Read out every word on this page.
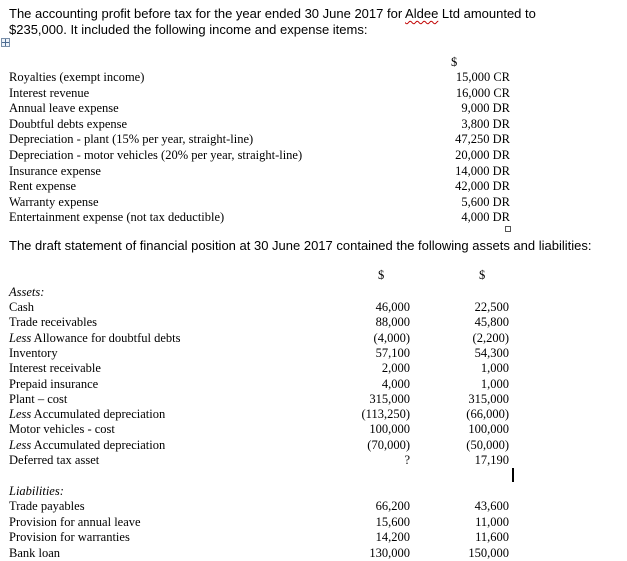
The accounting profit before tax for the year ended 30 June 2017 for Aldee Ltd amounted to
$235,000. It included the following income and expense items:
$
Royalties (exempt income)	15,000 CR
Interest revenue	16,000 CR
Annual leave expense	9,000 DR
Doubtful debts expense	3,800 DR
Depreciation - plant (15% per year, straight-line)	47,250 DR
Depreciation - motor vehicles (20% per year, straight-line)	20,000 DR
Insurance expense	14,000 DR
Rent expense	42,000 DR
Warranty expense	5,600 DR
Entertainment expense (not tax deductible)	4,000 DR
The draft statement of financial position at 30 June 2017 contained the following assets and liabilities:
$	$
Assets:
Cash	46,000	22,500
Trade receivables	88,000	45,800
Less Allowance for doubtful debts	(4,000)	(2,200)
Inventory	57,100	54,300
Interest receivable	2,000	1,000
Prepaid insurance	4,000	1,000
Plant – cost	315,000	315,000
Less Accumulated depreciation	(113,250)	(66,000)
Motor vehicles - cost	100,000	100,000
Less Accumulated depreciation	(70,000)	(50,000)
Deferred tax asset	?	17,190
Liabilities:
Trade payables	66,200	43,600
Provision for annual leave	15,600	11,000
Provision for warranties	14,200	11,600
Bank loan	130,000	150,000
